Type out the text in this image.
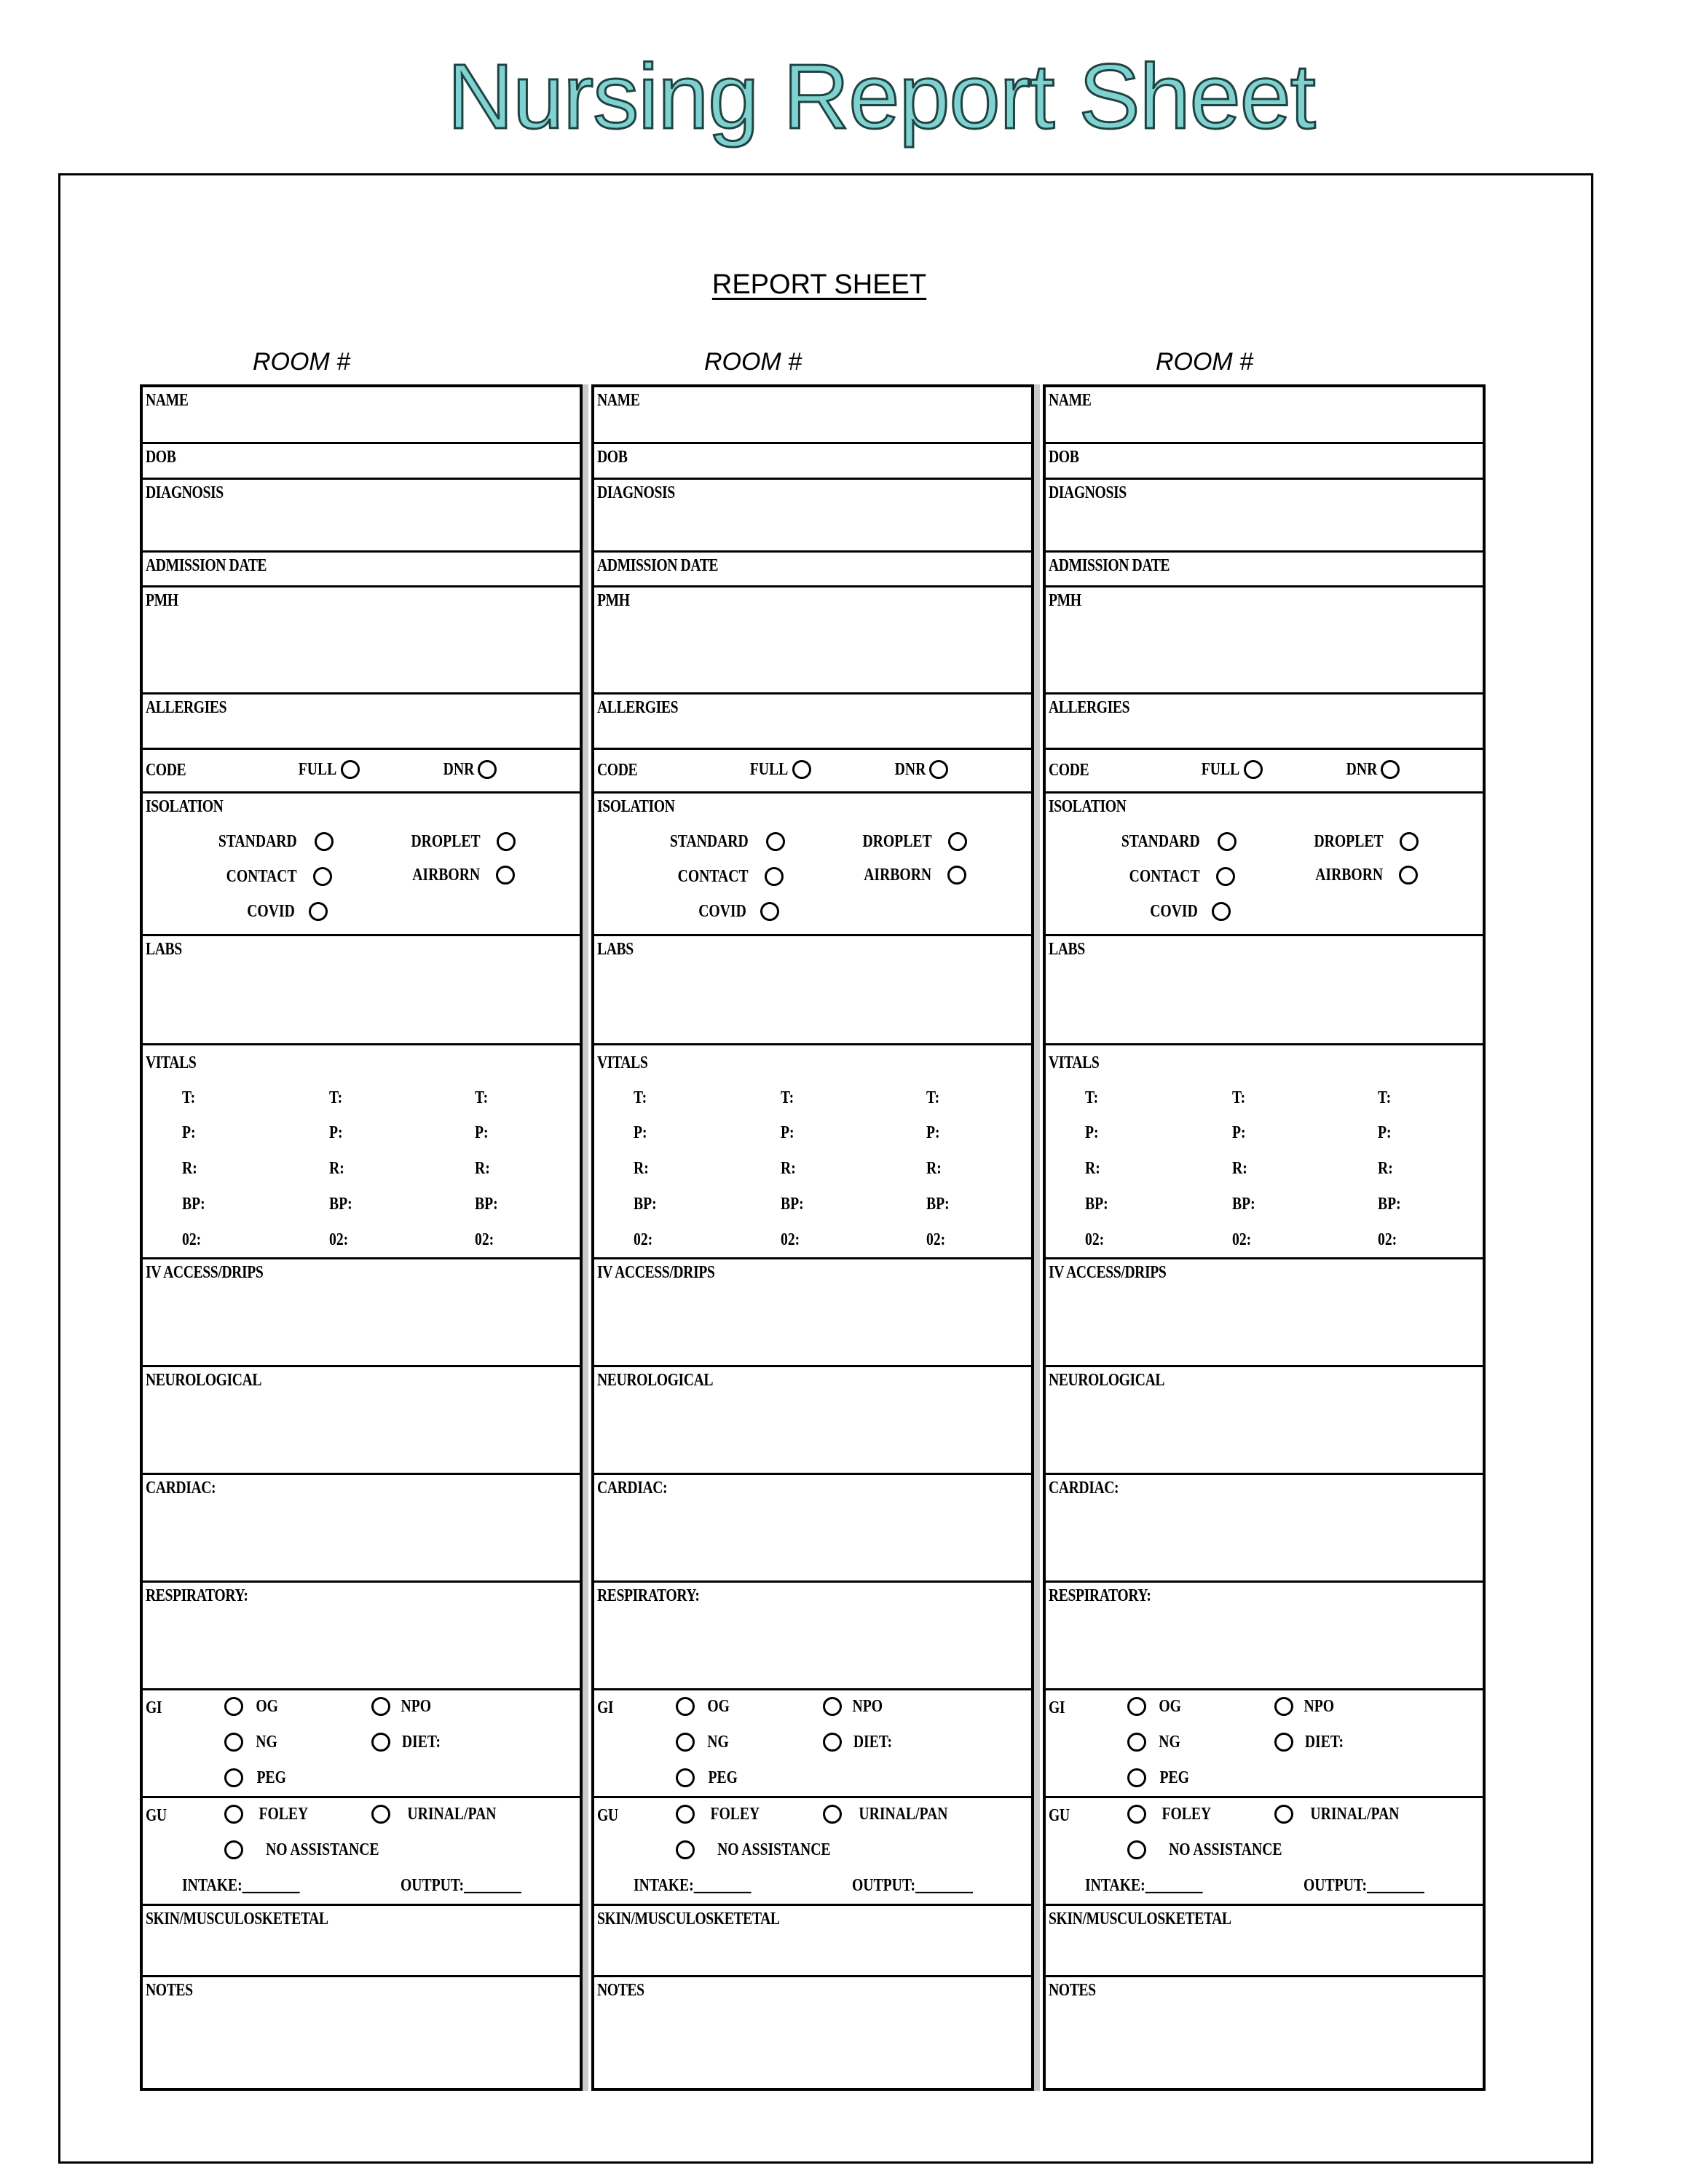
Nursing Report Sheet
REPORT SHEET
ROOM #	ROOM #	ROOM #
NAME
DOB
DIAGNOSIS
ADMISSION DATE
PMH
ALLERGIES
CODE	FULL	DNR
ISOLATION
STANDARD	DROPLET
CONTACT	AIRBORN
COVID
LABS
VITALS
T:	T:	T:
P:	P:	P:
R:	R:	R:
BP:	BP:	BP:
02:	02:	02:
IV ACCESS/DRIPS
NEUROLOGICAL
CARDIAC:
RESPIRATORY:
GI	OG	NPO
NG	DIET:
PEG
GU	FOLEY	URINAL/PAN
NO ASSISTANCE
INTAKE:________	OUTPUT:________
SKIN/MUSCULOSKETETAL
NOTES
NAME
DOB
DIAGNOSIS
ADMISSION DATE
PMH
ALLERGIES
CODE	FULL	DNR
ISOLATION
STANDARD	DROPLET
CONTACT	AIRBORN
COVID
LABS
VITALS
T:	T:	T:
P:	P:	P:
R:	R:	R:
BP:	BP:	BP:
02:	02:	02:
IV ACCESS/DRIPS
NEUROLOGICAL
CARDIAC:
RESPIRATORY:
GI	OG	NPO
NG	DIET:
PEG
GU	FOLEY	URINAL/PAN
NO ASSISTANCE
INTAKE:________	OUTPUT:________
SKIN/MUSCULOSKETETAL
NOTES
NAME
DOB
DIAGNOSIS
ADMISSION DATE
PMH
ALLERGIES
CODE	FULL	DNR
ISOLATION
STANDARD	DROPLET
CONTACT	AIRBORN
COVID
LABS
VITALS
T:	T:	T:
P:	P:	P:
R:	R:	R:
BP:	BP:	BP:
02:	02:	02:
IV ACCESS/DRIPS
NEUROLOGICAL
CARDIAC:
RESPIRATORY:
GI	OG	NPO
NG	DIET:
PEG
GU	FOLEY	URINAL/PAN
NO ASSISTANCE
INTAKE:________	OUTPUT:________
SKIN/MUSCULOSKETETAL
NOTES
